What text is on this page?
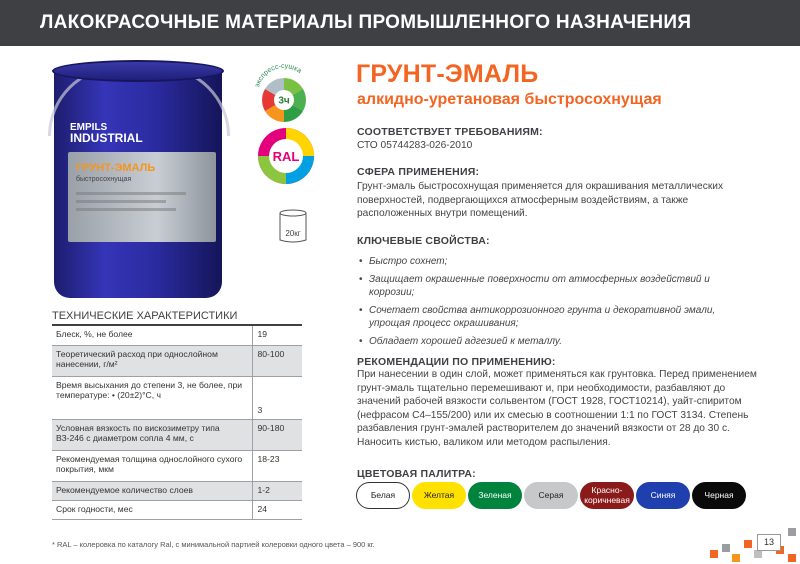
ЛАКОКРАСОЧНЫЕ МАТЕРИАЛЫ ПРОМЫШЛЕННОГО НАЗНАЧЕНИЯ
EMPILS
INDUSTRIAL
ГРУНТ-ЭМАЛЬ
быстросохнущая
экспресс-сушка
3ч
RAL
20кг
ГРУНТ-ЭМАЛЬ
алкидно-уретановая быстросохнущая
СООТВЕТСТВУЕТ ТРЕБОВАНИЯМ:
СТО 05744283-026-2010
СФЕРА ПРИМЕНЕНИЯ:
Грунт-эмаль быстросохнущая применяется для окрашивания металлических поверхностей, подвергающихся атмосферным воздействиям, а также расположенных внутри помещений.
КЛЮЧЕВЫЕ СВОЙСТВА:
• Быстро сохнет;
• Защищает окрашенные поверхности от атмосферных воздействий и коррозии;
• Сочетает свойства антикоррозионного грунта и декоративной эмали, упрощая процесс окрашивания;
• Обладает хорошей адгезией к металлу.
РЕКОМЕНДАЦИИ ПО ПРИМЕНЕНИЮ:
При нанесении в один слой, может применяться как грунтовка. Перед применением грунт-эмаль тщательно перемешивают и, при необходимости, разбавляют до значений рабочей вязкости сольвентом (ГОСТ 1928, ГОСТ10214), уайт-спиритом (нефрасом С4–155/200) или их смесью в соотношении 1:1 по ГОСТ 3134. Степень разбавления грунт-эмалей растворителем до значений вязкости от 28 до 30 с. Наносить кистью, валиком или методом распыления.
ЦВЕТОВАЯ ПАЛИТРА:
Белая	Желтая	Зеленая	Серая	Красно-коричневая	Синяя	Черная
ТЕХНИЧЕСКИЕ ХАРАКТЕРИСТИКИ
Блеск, %, не более	19
Теоретический расход при однослойном нанесении, г/м²	80-100
Время высыхания до степени 3, не более, при температуре: • (20±2)°С, ч	3
Условная вязкость по вискозиметру типа ВЗ-246 с диаметром сопла 4 мм, с	90-180
Рекомендуемая толщина однослойного сухого покрытия, мкм	18-23
Рекомендуемое количество слоев	1-2
Срок годности, мес	24
* RAL – колеровка по каталогу Ral, с минимальной партией колеровки одного цвета – 900 кг.	13
